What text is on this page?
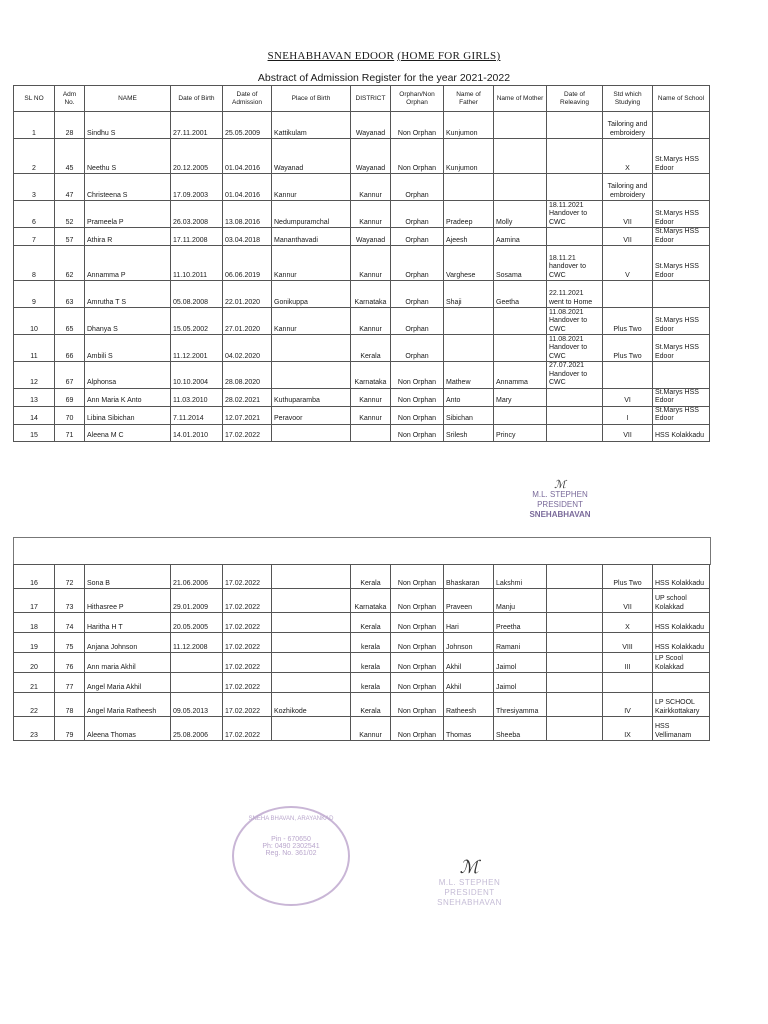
SNEHABHAVAN EDOOR (HOME FOR GIRLS)
Abstract of Admission Register for the year 2021-2022
SL NO	Adm No.	NAME	Date of Birth	Date of Admission	Place of Birth	DISTRICT	Orphan/Non Orphan	Name of Father	Name of Mother	Date of Releaving	Std which Studying	Name of School
1	28	Sindhu S	27.11.2001	25.05.2009	Kattikulam	Wayanad	Non Orphan	Kunjumon			Tailoring and embroidery	
2	45	Neethu S	20.12.2005	01.04.2016	Wayanad	Wayanad	Non Orphan	Kunjumon			X	St.Marys HSS Edoor
3	47	Christeena S	17.09.2003	01.04.2016	Kannur	Kannur	Orphan				Tailoring and embroidery	
6	52	Prameela P	26.03.2008	13.08.2016	Nedumpuramchal	Kannur	Orphan	Pradeep	Molly	18.11.2021 Handover to CWC	VII	St.Marys HSS Edoor
7	57	Athira R	17.11.2008	03.04.2018	Mananthavadi	Wayanad	Orphan	Ajeesh	Aamina		VII	St.Marys HSS Edoor
8	62	Annamma P	11.10.2011	06.06.2019	Kannur	Kannur	Orphan	Varghese	Sosama	18.11.21 handover to CWC	V	St.Marys HSS Edoor
9	63	Amrutha T S	05.08.2008	22.01.2020	Gonikuppa	Karnataka	Orphan	Shaji	Geetha	22.11.2021 went to Home		
10	65	Dhanya S	15.05.2002	27.01.2020	Kannur	Kannur	Orphan			11.08.2021 Handover to CWC	Plus Two	St.Marys HSS Edoor
11	66	Ambili S	11.12.2001	04.02.2020		Kerala	Orphan			11.08.2021 Handover to CWC	Plus Two	St.Marys HSS Edoor
12	67	Alphonsa	10.10.2004	28.08.2020		Karnataka	Non Orphan	Mathew	Annamma	27.07.2021 Handover to CWC		
13	69	Ann Maria K Anto	11.03.2010	28.02.2021	Kuthuparamba	Kannur	Non Orphan	Anto	Mary		VI	St.Marys HSS Edoor
14	70	Libina Sibichan	7.11.2014	12.07.2021	Peravoor	Kannur	Non Orphan	Sibichan			I	St.Marys HSS Edoor
15	71	Aleena M C	14.01.2010	17.02.2022			Non Orphan	Srilesh	Princy		VII	HSS Kolakkadu
ℳ
M.L. STEPHEN
PRESIDENT
SNEHABHAVAN
16	72	Sona B	21.06.2006	17.02.2022		Kerala	Non Orphan	Bhaskaran	Lakshmi		Plus Two	HSS Kolakkadu
17	73	Hithasree P	29.01.2009	17.02.2022		Karnataka	Non Orphan	Praveen	Manju		VII	UP school Kolakkad
18	74	Haritha H T	20.05.2005	17.02.2022		Kerala	Non Orphan	Hari	Preetha		X	HSS Kolakkadu
19	75	Anjana Johnson	11.12.2008	17.02.2022		kerala	Non Orphan	Johnson	Ramani		VIII	HSS Kolakkadu
20	76	Ann maria Akhil		17.02.2022		kerala	Non Orphan	Akhil	Jaimol		III	LP Scool Kolakkad
21	77	Angel Maria Akhil		17.02.2022		kerala	Non Orphan	Akhil	Jaimol			
22	78	Angel Maria Ratheesh	09.05.2013	17.02.2022	Kozhikode	Kerala	Non Orphan	Ratheesh	Thresiyamma		IV	LP SCHOOL Kairkkottakary
23	79	Aleena Thomas	25.08.2006	17.02.2022		Kannur	Non Orphan	Thomas	Sheeba		IX	HSS Vellimanam
SNEHA BHAVAN, ARAYANKAD
Pin - 670650
Ph: 0490 2302541
Reg. No. 361/02
ℳ
M.L. STEPHEN
PRESIDENT
SNEHABHAVAN
